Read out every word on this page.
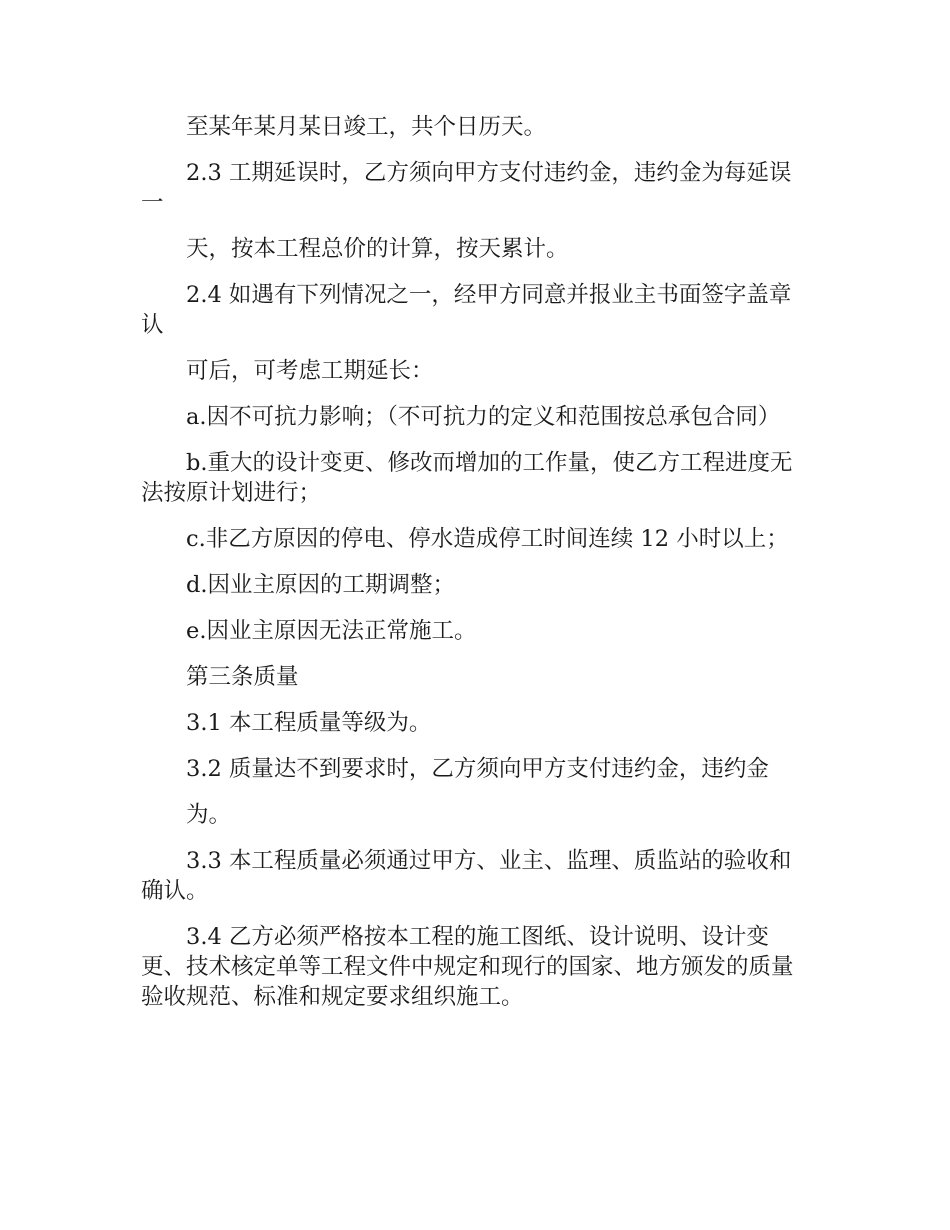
至某年某月某日竣工，共个日历天。

2.3 工期延误时，乙方须向甲方支付违约金，违约金为每延误一

天，按本工程总价的计算，按天累计。

2.4 如遇有下列情况之一，经甲方同意并报业主书面签字盖章认

可后，可考虑工期延长：

a.因不可抗力影响；（不可抗力的定义和范围按总承包合同）

b.重大的设计变更、修改而增加的工作量，使乙方工程进度无法按原计划进行；

c.非乙方原因的停电、停水造成停工时间连续 12 小时以上；

d.因业主原因的工期调整；

e.因业主原因无法正常施工。

第三条质量

3.1 本工程质量等级为。

3.2 质量达不到要求时，乙方须向甲方支付违约金，违约金

为。

3.3 本工程质量必须通过甲方、业主、监理、质监站的验收和确认。

3.4 乙方必须严格按本工程的施工图纸、设计说明、设计变更、技术核定单等工程文件中规定和现行的国家、地方颁发的质量验收规范、标准和规定要求组织施工。
